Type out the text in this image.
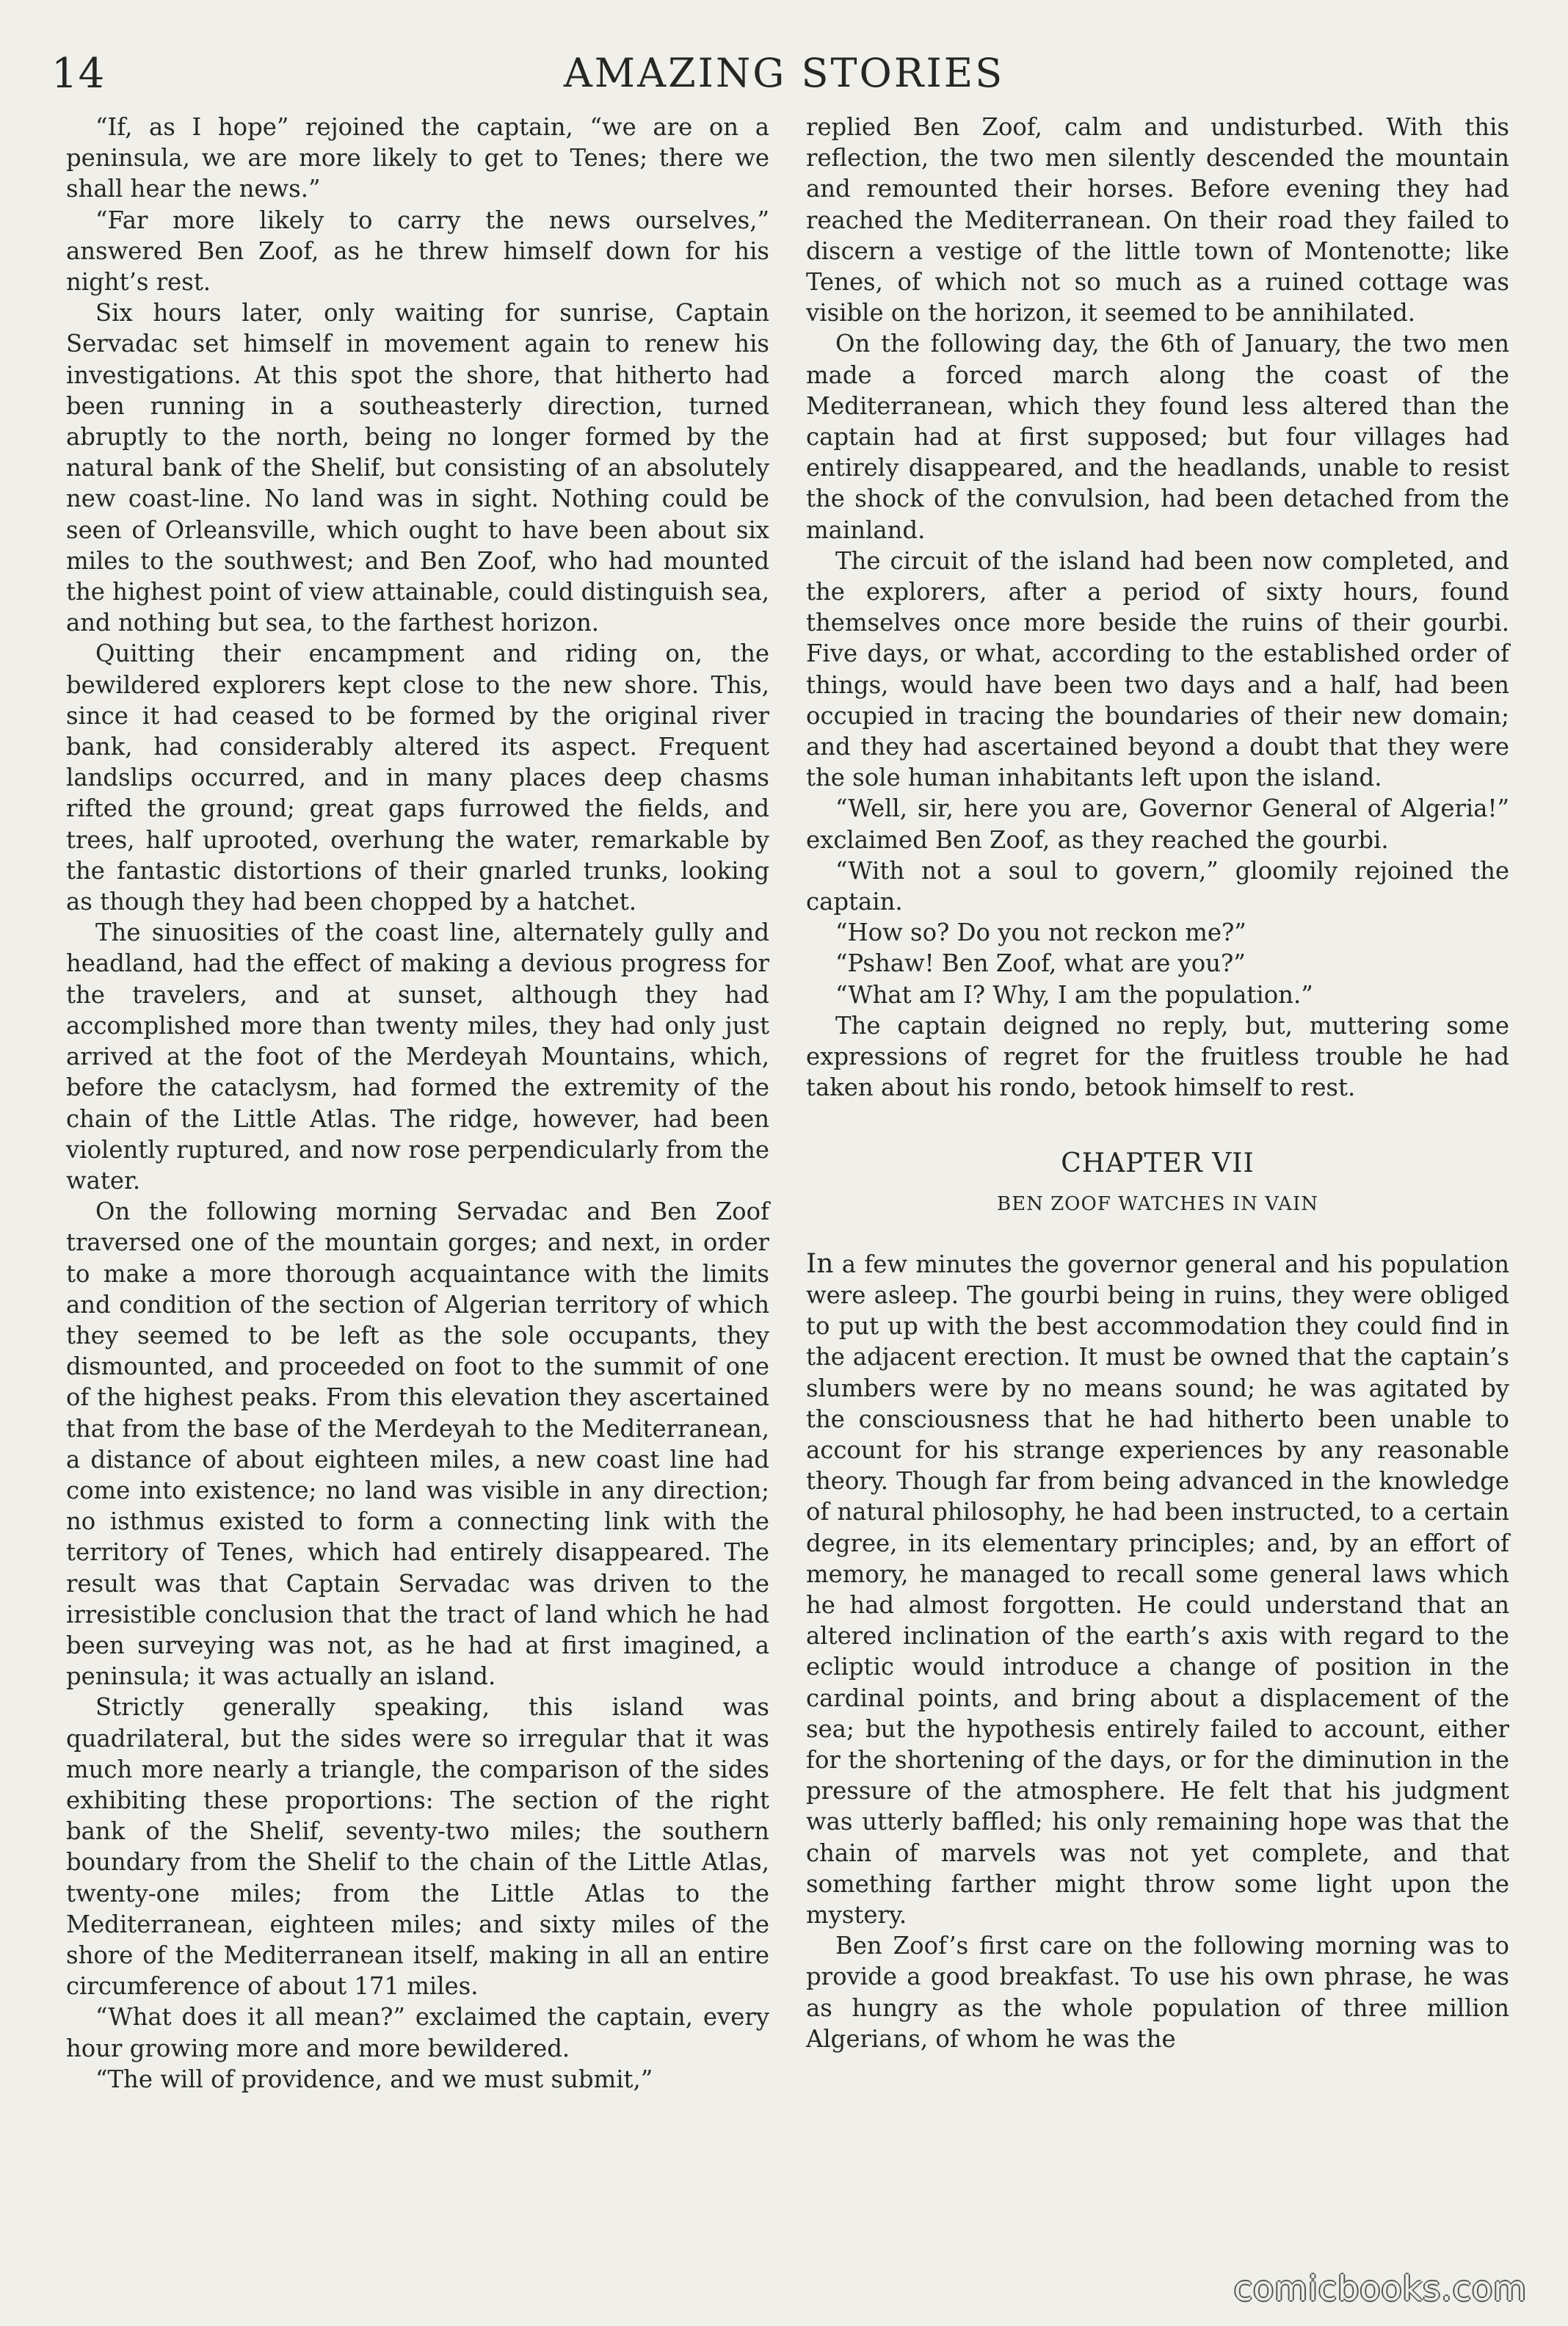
14	AMAZING STORIES

“If, as I hope” rejoined the captain, “we are on a peninsula, we are more likely to get to Tenes; there we shall hear the news.”

“Far more likely to carry the news ourselves,” answered Ben Zoof, as he threw himself down for his night’s rest.

Six hours later, only waiting for sunrise, Captain Servadac set himself in movement again to renew his investigations. At this spot the shore, that hitherto had been running in a southeasterly direction, turned abruptly to the north, being no longer formed by the natural bank of the Shelif, but consisting of an absolutely new coast-line. No land was in sight. Nothing could be seen of Orleansville, which ought to have been about six miles to the southwest; and Ben Zoof, who had mounted the highest point of view attainable, could distinguish sea, and nothing but sea, to the farthest horizon.

Quitting their encampment and riding on, the bewildered explorers kept close to the new shore. This, since it had ceased to be formed by the original river bank, had considerably altered its aspect. Frequent landslips occurred, and in many places deep chasms rifted the ground; great gaps furrowed the fields, and trees, half uprooted, overhung the water, remarkable by the fantastic distortions of their gnarled trunks, looking as though they had been chopped by a hatchet.

The sinuosities of the coast line, alternately gully and headland, had the effect of making a devious progress for the travelers, and at sunset, although they had accomplished more than twenty miles, they had only just arrived at the foot of the Merdeyah Mountains, which, before the cataclysm, had formed the extremity of the chain of the Little Atlas. The ridge, however, had been violently ruptured, and now rose perpendicularly from the water.

On the following morning Servadac and Ben Zoof traversed one of the mountain gorges; and next, in order to make a more thorough acquaintance with the limits and condition of the section of Algerian territory of which they seemed to be left as the sole occupants, they dismounted, and proceeded on foot to the summit of one of the highest peaks. From this elevation they ascertained that from the base of the Merdeyah to the Mediterranean, a distance of about eighteen miles, a new coast line had come into existence; no land was visible in any direction; no isthmus existed to form a connecting link with the territory of Tenes, which had entirely disappeared. The result was that Captain Servadac was driven to the irresistible conclusion that the tract of land which he had been surveying was not, as he had at first imagined, a peninsula; it was actually an island.

Strictly generally speaking, this island was quadrilateral, but the sides were so irregular that it was much more nearly a triangle, the comparison of the sides exhibiting these proportions: The section of the right bank of the Shelif, seventy-two miles; the southern boundary from the Shelif to the chain of the Little Atlas, twenty-one miles; from the Little Atlas to the Mediterranean, eighteen miles; and sixty miles of the shore of the Mediterranean itself, making in all an entire circumference of about 171 miles.

“What does it all mean?” exclaimed the captain, every hour growing more and more bewildered.

“The will of providence, and we must submit,”

replied Ben Zoof, calm and undisturbed. With this reflection, the two men silently descended the mountain and remounted their horses. Before evening they had reached the Mediterranean. On their road they failed to discern a vestige of the little town of Montenotte; like Tenes, of which not so much as a ruined cottage was visible on the horizon, it seemed to be annihilated.

On the following day, the 6th of January, the two men made a forced march along the coast of the Mediterranean, which they found less altered than the captain had at first supposed; but four villages had entirely disappeared, and the headlands, unable to resist the shock of the convulsion, had been detached from the mainland.

The circuit of the island had been now completed, and the explorers, after a period of sixty hours, found themselves once more beside the ruins of their gourbi. Five days, or what, according to the established order of things, would have been two days and a half, had been occupied in tracing the boundaries of their new domain; and they had ascertained beyond a doubt that they were the sole human inhabitants left upon the island.

“Well, sir, here you are, Governor General of Algeria!” exclaimed Ben Zoof, as they reached the gourbi.

“With not a soul to govern,” gloomily rejoined the captain.

“How so? Do you not reckon me?”

“Pshaw! Ben Zoof, what are you?”

“What am I? Why, I am the population.”

The captain deigned no reply, but, muttering some expressions of regret for the fruitless trouble he had taken about his rondo, betook himself to rest.

CHAPTER VII
BEN ZOOF WATCHES IN VAIN

In a few minutes the governor general and his population were asleep. The gourbi being in ruins, they were obliged to put up with the best accommodation they could find in the adjacent erection. It must be owned that the captain’s slumbers were by no means sound; he was agitated by the consciousness that he had hitherto been unable to account for his strange experiences by any reasonable theory. Though far from being advanced in the knowledge of natural philosophy, he had been instructed, to a certain degree, in its elementary principles; and, by an effort of memory, he managed to recall some general laws which he had almost forgotten. He could understand that an altered inclination of the earth’s axis with regard to the ecliptic would introduce a change of position in the cardinal points, and bring about a displacement of the sea; but the hypothesis entirely failed to account, either for the shortening of the days, or for the diminution in the pressure of the atmosphere. He felt that his judgment was utterly baffled; his only remaining hope was that the chain of marvels was not yet complete, and that something farther might throw some light upon the mystery.

Ben Zoof’s first care on the following morning was to provide a good breakfast. To use his own phrase, he was as hungry as the whole population of three million Algerians, of whom he was the

comicbooks.com
